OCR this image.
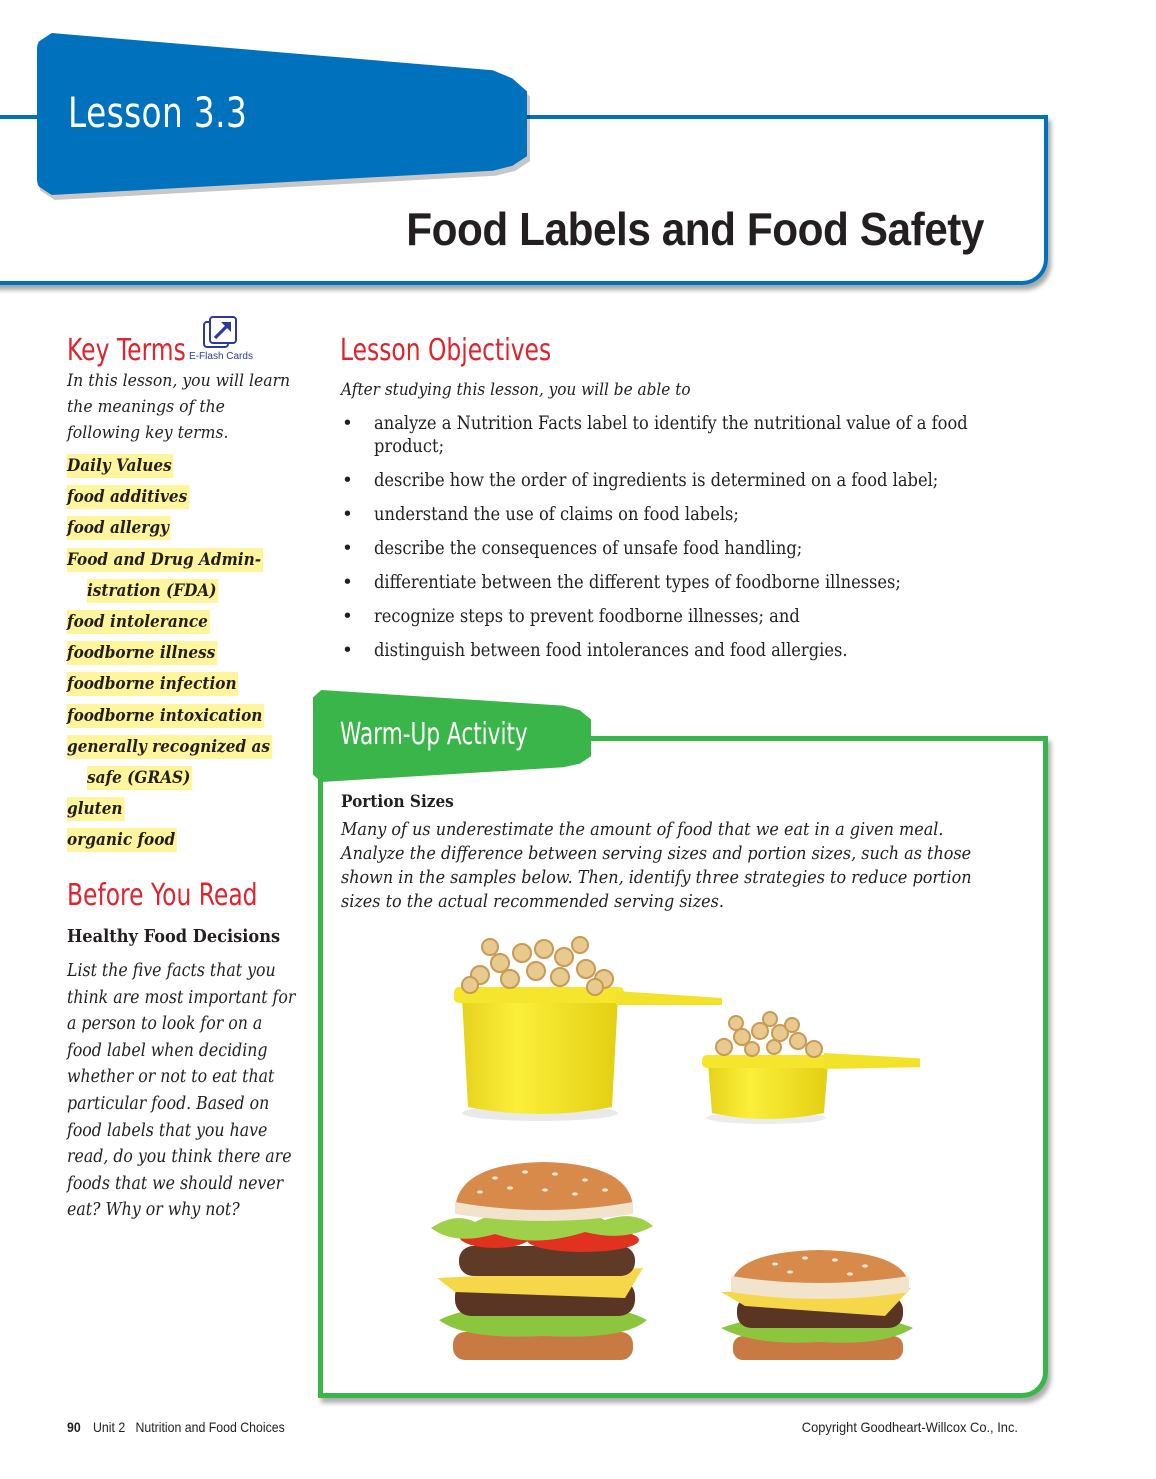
Lesson 3.3
Food Labels and Food Safety
Key Terms E-Flash Cards

In this lesson, you will learn the meanings of the following key terms.

Daily Values
food additives
food allergy
Food and Drug Admin-
istration (FDA)
food intolerance
foodborne illness
foodborne infection
foodborne intoxication
generally recognized as
safe (GRAS)
gluten
organic food
Before You Read
Healthy Food Decisions

List the five facts that you think are most important for a person to look for on a food label when deciding whether or not to eat that particular food. Based on food labels that you have read, do you think there are foods that we should never eat? Why or why not?

Lesson Objectives
After studying this lesson, you will be able to
• analyze a Nutrition Facts label to identify the nutritional value of a food product;
• describe how the order of ingredients is determined on a food label;
• understand the use of claims on food labels;
• describe the consequences of unsafe food handling;
• differentiate between the different types of foodborne illnesses;
• recognize steps to prevent foodborne illnesses; and
• distinguish between food intolerances and food allergies.
Warm-Up Activity
Portion Sizes

Many of us underestimate the amount of food that we eat in a given meal. Analyze the difference between serving sizes and portion sizes, such as those shown in the samples below. Then, identify three strategies to reduce portion sizes to the actual recommended serving sizes.

90 Unit 2   Nutrition and Food Choices	Copyright Goodheart-Willcox Co., Inc.
